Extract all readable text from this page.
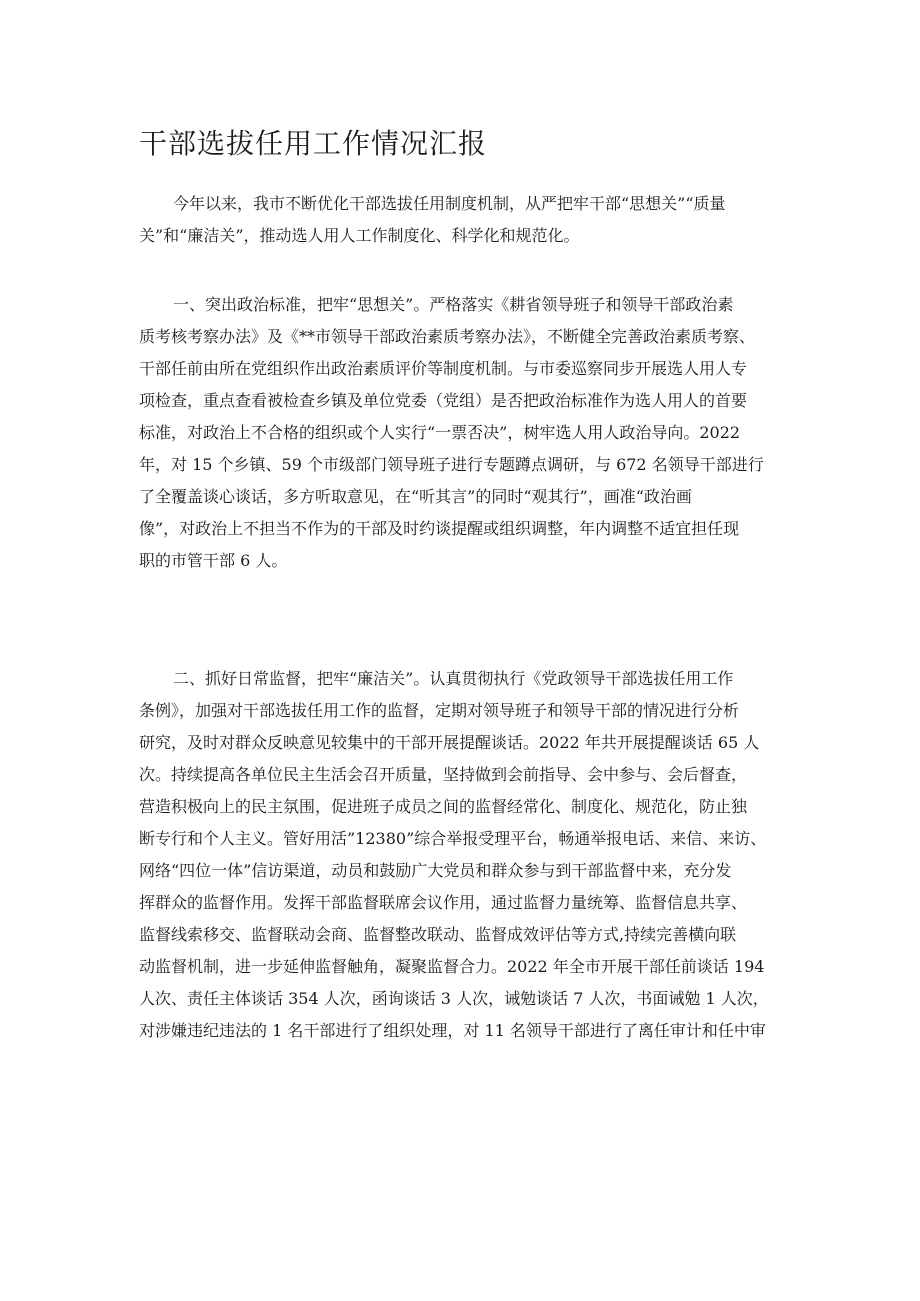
干部选拔任用工作情况汇报
今年以来，我市不断优化干部选拔任用制度机制，从严把牢干部“思想关”“质量
关”和“廉洁关”，推动选人用人工作制度化、科学化和规范化。
一、突出政治标准，把牢“思想关”。严格落实《耕省领导班子和领导干部政治素
质考核考察办法》及《**市领导干部政治素质考察办法》，不断健全完善政治素质考察、
干部任前由所在党组织作出政治素质评价等制度机制。与市委巡察同步开展选人用人专
项检查，重点查看被检查乡镇及单位党委（党组）是否把政治标准作为选人用人的首要
标准，对政治上不合格的组织或个人实行“一票否决”，树牢选人用人政治导向。2022
年，对 15 个乡镇、59 个市级部门领导班子进行专题蹲点调研，与 672 名领导干部进行
了全覆盖谈心谈话，多方听取意见，在“听其言”的同时“观其行”，画准“政治画
像”，对政治上不担当不作为的干部及时约谈提醒或组织调整，年内调整不适宜担任现
职的市管干部 6 人。
二、抓好日常监督，把牢“廉洁关”。认真贯彻执行《党政领导干部选拔任用工作
条例》，加强对干部选拔任用工作的监督，定期对领导班子和领导干部的情况进行分析
研究，及时对群众反映意见较集中的干部开展提醒谈话。2022 年共开展提醒谈话 65 人
次。持续提高各单位民主生活会召开质量，坚持做到会前指导、会中参与、会后督查，
营造积极向上的民主氛围，促进班子成员之间的监督经常化、制度化、规范化，防止独
断专行和个人主义。管好用活”12380”综合举报受理平台，畅通举报电话、来信、来访、
网络“四位一体”信访渠道，动员和鼓励广大党员和群众参与到干部监督中来，充分发
挥群众的监督作用。发挥干部监督联席会议作用，通过监督力量统筹、监督信息共享、
监督线索移交、监督联动会商、监督整改联动、监督成效评估等方式,持续完善横向联
动监督机制，进一步延伸监督触角，凝聚监督合力。2022 年全市开展干部任前谈话 194
人次、责任主体谈话 354 人次，函询谈话 3 人次，诫勉谈话 7 人次，书面诫勉 1 人次，
对涉嫌违纪违法的 1 名干部进行了组织处理，对 11 名领导干部进行了离任审计和任中审
